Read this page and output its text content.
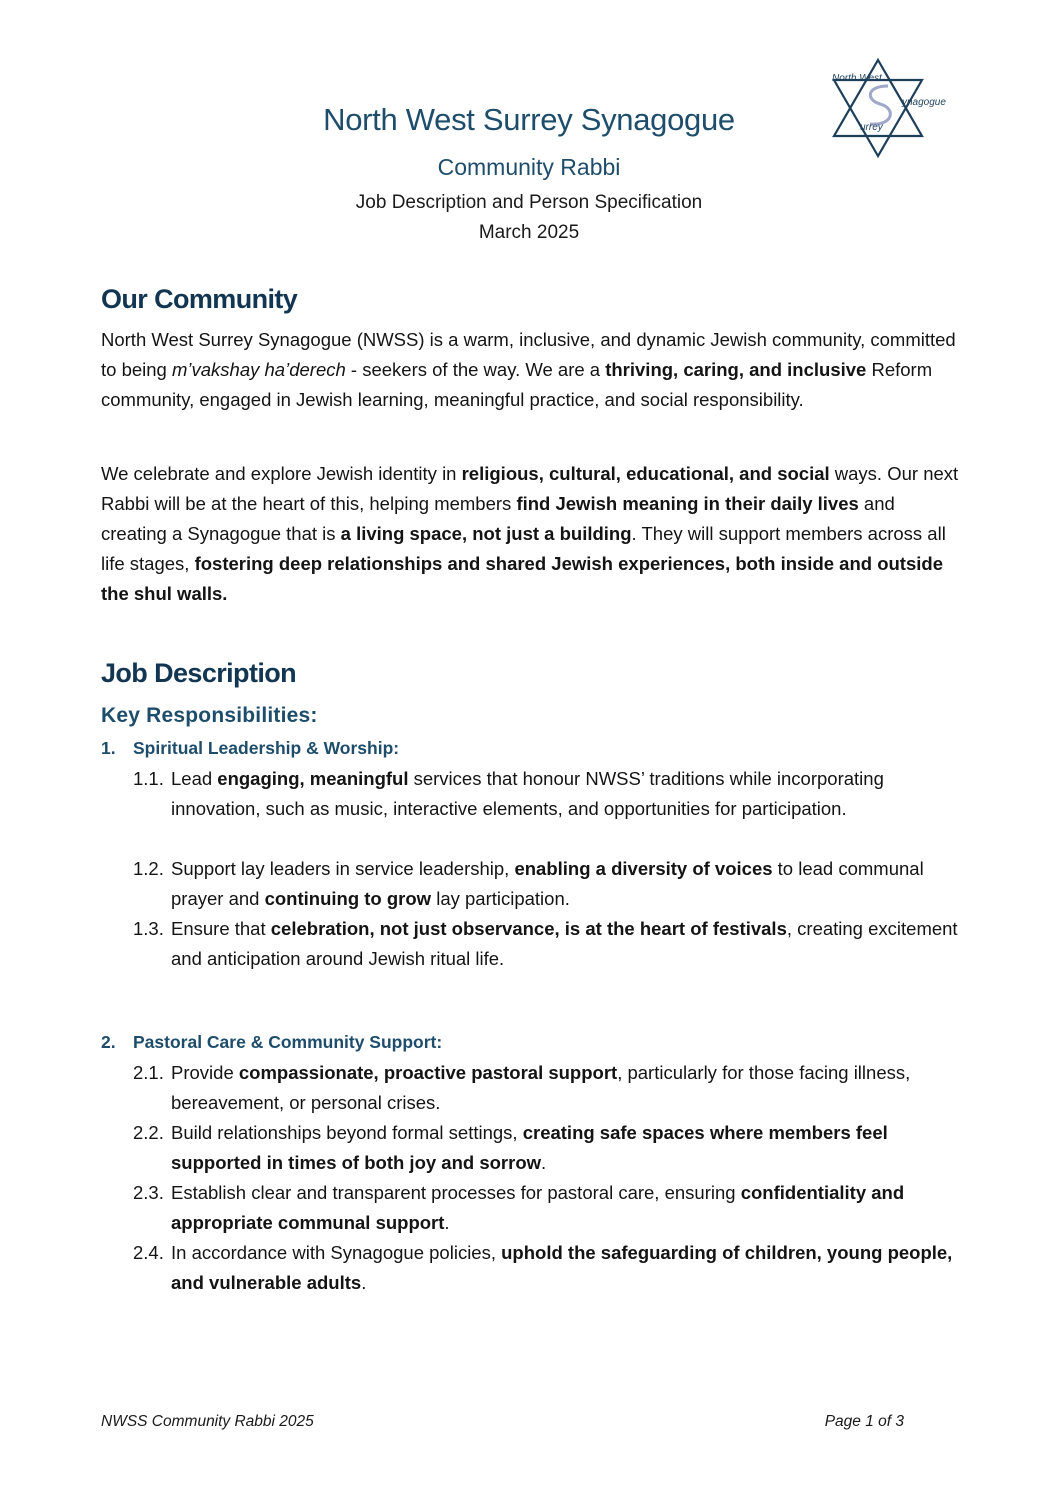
North West
ynagogue
urrey
North West Surrey Synagogue
Community Rabbi
Job Description and Person Specification
March 2025
Our Community

North West Surrey Synagogue (NWSS) is a warm, inclusive, and dynamic Jewish community, committed to being m’vakshay ha’derech - seekers of the way. We are a thriving, caring, and inclusive Reform community, engaged in Jewish learning, meaningful practice, and social responsibility.

We celebrate and explore Jewish identity in religious, cultural, educational, and social ways. Our next Rabbi will be at the heart of this, helping members find Jewish meaning in their daily lives and creating a Synagogue that is a living space, not just a building. They will support members across all life stages, fostering deep relationships and shared Jewish experiences, both inside and outside the shul walls.

Job Description
Key Responsibilities:
1. Spiritual Leadership & Worship:
1.1. Lead engaging, meaningful services that honour NWSS’ traditions while incorporating innovation, such as music, interactive elements, and opportunities for participation.
1.2. Support lay leaders in service leadership, enabling a diversity of voices to lead communal prayer and continuing to grow lay participation.
1.3. Ensure that celebration, not just observance, is at the heart of festivals, creating excitement and anticipation around Jewish ritual life.
2. Pastoral Care & Community Support:
2.1. Provide compassionate, proactive pastoral support, particularly for those facing illness, bereavement, or personal crises.
2.2. Build relationships beyond formal settings, creating safe spaces where members feel supported in times of both joy and sorrow.
2.3. Establish clear and transparent processes for pastoral care, ensuring confidentiality and appropriate communal support.
2.4. In accordance with Synagogue policies, uphold the safeguarding of children, young people, and vulnerable adults.
NWSS Community Rabbi 2025	Page 1 of 3
